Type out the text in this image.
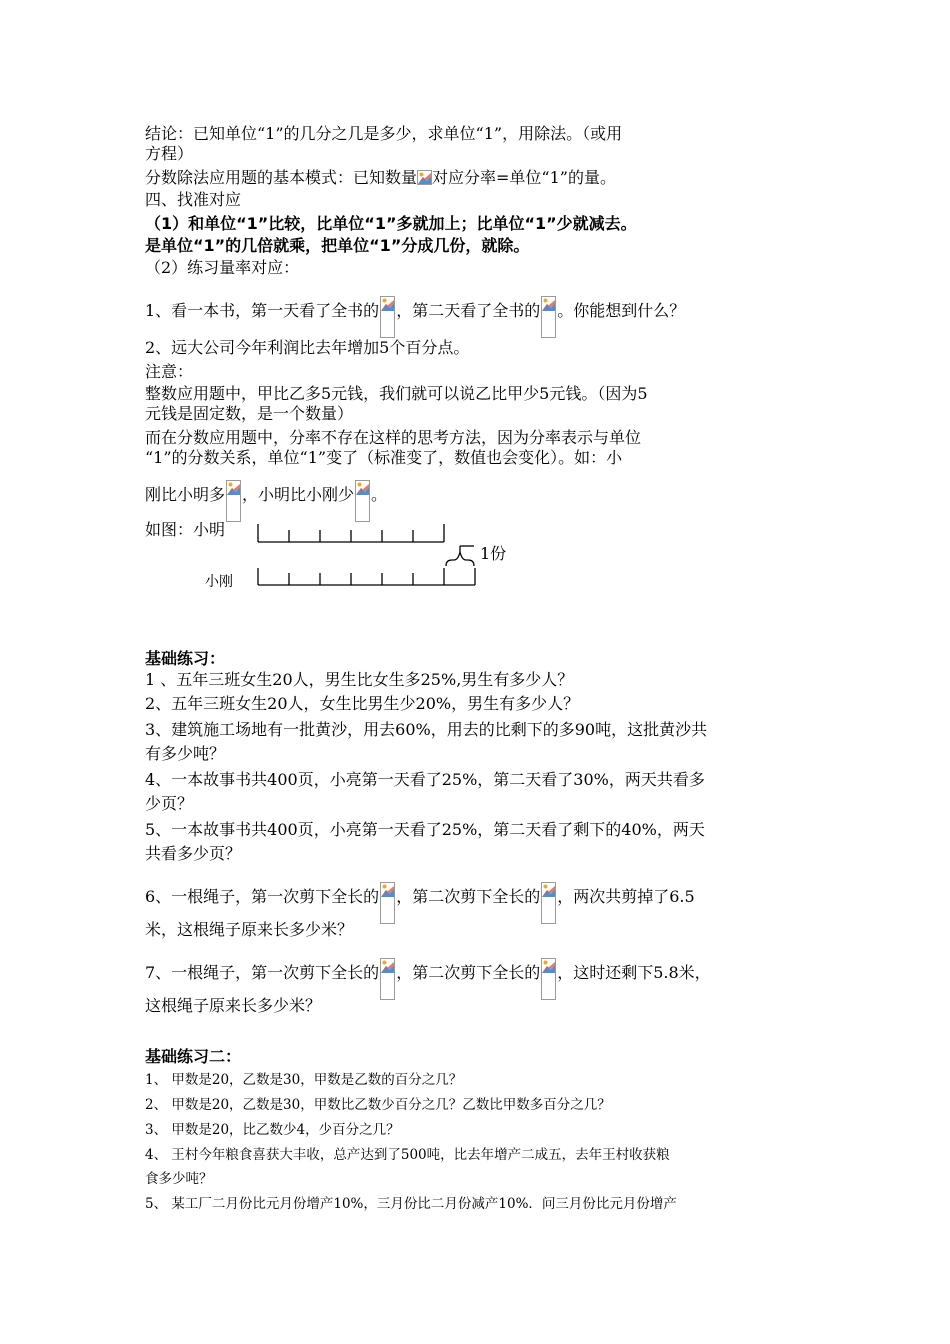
结论：已知单位“1”的几分之几是多少，求单位“1”，用除法。（或用
方程）
分数除法应用题的基本模式：已知数量 对应分率=单位“1”的量。
四、找准对应
（1）和单位“1”比较，比单位“1”多就加上；比单位“1”少就减去。
是单位“1”的几倍就乘，把单位“1”分成几份，就除。
（2）练习量率对应：
1、看一本书，第一天看了全书的 ，第二天看了全书的 。你能想到什么？
2、远大公司今年利润比去年增加5个百分点。
注意：
整数应用题中，甲比乙多5元钱，我们就可以说乙比甲少5元钱。（因为5
元钱是固定数，是一个数量）
而在分数应用题中，分率不存在这样的思考方法，因为分率表示与单位
“1”的分数关系，单位“1”变了（标准变了，数值也会变化）。如：小
刚比小明多 ，小明比小刚少 。
如图：小明
小刚
1份
基础练习：
1 、五年三班女生20人，男生比女生多25%,男生有多少人？
2、五年三班女生20人，女生比男生少20%，男生有多少人？
3、建筑施工场地有一批黄沙，用去60%，用去的比剩下的多90吨，这批黄沙共
有多少吨？
4、一本故事书共400页，小亮第一天看了25%，第二天看了30%，两天共看多
少页？
5、一本故事书共400页，小亮第一天看了25%，第二天看了剩下的40%，两天
共看多少页？
6、一根绳子，第一次剪下全长的 ，第二次剪下全长的 ，两次共剪掉了6.5
米，这根绳子原来长多少米？
7、一根绳子，第一次剪下全长的 ，第二次剪下全长的 ，这时还剩下5.8米，
这根绳子原来长多少米？
基础练习二：
1、 甲数是20，乙数是30，甲数是乙数的百分之几？
2、 甲数是20，乙数是30，甲数比乙数少百分之几？乙数比甲数多百分之几？
3、 甲数是20，比乙数少4，少百分之几？
4、 王村今年粮食喜获大丰收，总产达到了500吨，比去年增产二成五，去年王村收获粮
食多少吨？
5、 某工厂二月份比元月份增产10%，三月份比二月份减产10%．问三月份比元月份增产
